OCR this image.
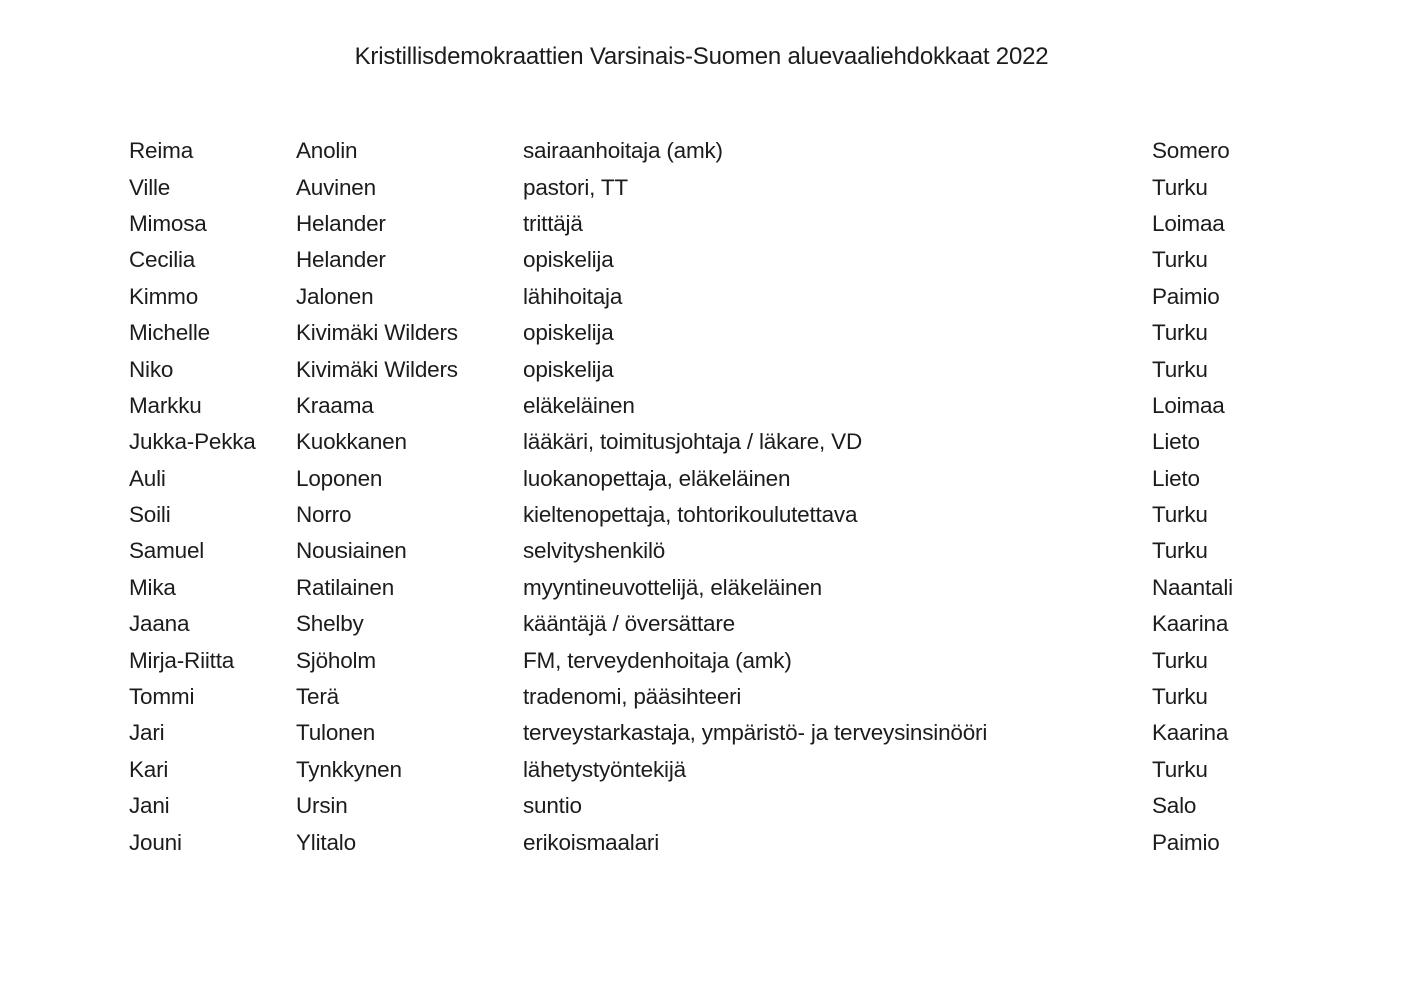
Kristillisdemokraattien Varsinais-Suomen aluevaaliehdokkaat 2022
Reima	Anolin	sairaanhoitaja (amk)	Somero
Ville	Auvinen	pastori, TT	Turku
Mimosa	Helander	trittäjä	Loimaa
Cecilia	Helander	opiskelija	Turku
Kimmo	Jalonen	lähihoitaja	Paimio
Michelle	Kivimäki Wilders	opiskelija	Turku
Niko	Kivimäki Wilders	opiskelija	Turku
Markku	Kraama	eläkeläinen	Loimaa
Jukka-Pekka	Kuokkanen	lääkäri, toimitusjohtaja / läkare, VD	Lieto
Auli	Loponen	luokanopettaja, eläkeläinen	Lieto
Soili	Norro	kieltenopettaja, tohtorikoulutettava	Turku
Samuel	Nousiainen	selvityshenkilö	Turku
Mika	Ratilainen	myyntineuvottelijä, eläkeläinen	Naantali
Jaana	Shelby	kääntäjä / översättare	Kaarina
Mirja-Riitta	Sjöholm	FM, terveydenhoitaja (amk)	Turku
Tommi	Terä	tradenomi, pääsihteeri	Turku
Jari	Tulonen	terveystarkastaja, ympäristö- ja terveysinsinööri	Kaarina
Kari	Tynkkynen	lähetystyöntekijä	Turku
Jani	Ursin	suntio	Salo
Jouni	Ylitalo	erikoismaalari	Paimio
